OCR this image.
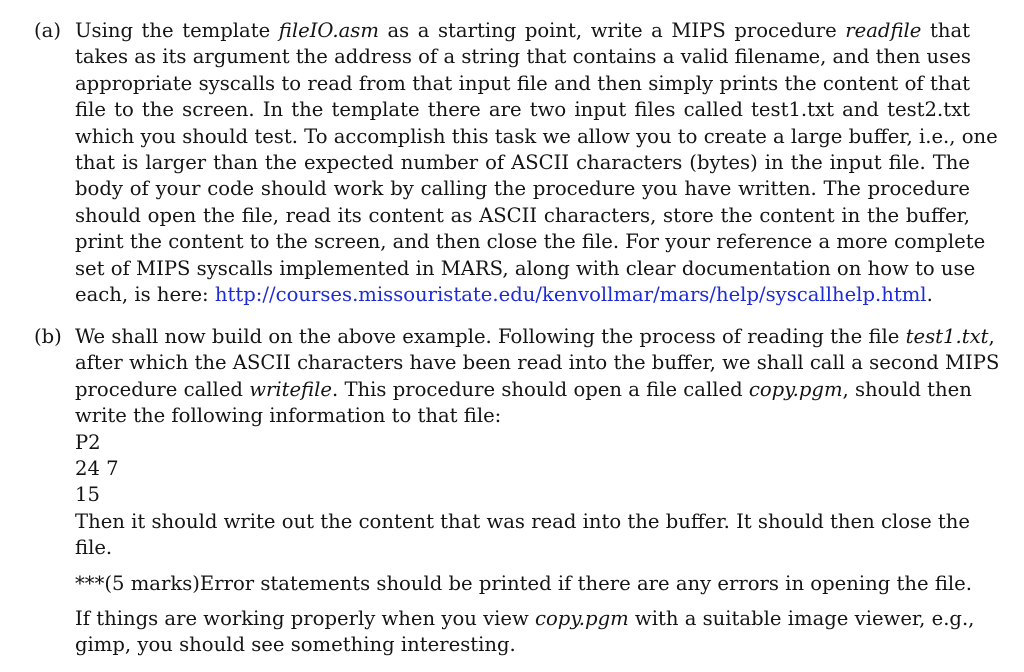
(a) Using the template fileIO.asm as a starting point, write a MIPS procedure readfile that
takes as its argument the address of a string that contains a valid filename, and then uses
appropriate syscalls to read from that input file and then simply prints the content of that
file to the screen. In the template there are two input files called test1.txt and test2.txt
which you should test. To accomplish this task we allow you to create a large buffer, i.e., one
that is larger than the expected number of ASCII characters (bytes) in the input file. The
body of your code should work by calling the procedure you have written. The procedure
should open the file, read its content as ASCII characters, store the content in the buffer,
print the content to the screen, and then close the file. For your reference a more complete
set of MIPS syscalls implemented in MARS, along with clear documentation on how to use
each, is here: http://courses.missouristate.edu/kenvollmar/mars/help/syscallhelp.html.
(b) We shall now build on the above example. Following the process of reading the file test1.txt,
after which the ASCII characters have been read into the buffer, we shall call a second MIPS
procedure called writefile. This procedure should open a file called copy.pgm, should then
write the following information to that file:
P2
24 7
15
Then it should write out the content that was read into the buffer. It should then close the
file.
***(5 marks)Error statements should be printed if there are any errors in opening the file.
If things are working properly when you view copy.pgm with a suitable image viewer, e.g.,
gimp, you should see something interesting.
